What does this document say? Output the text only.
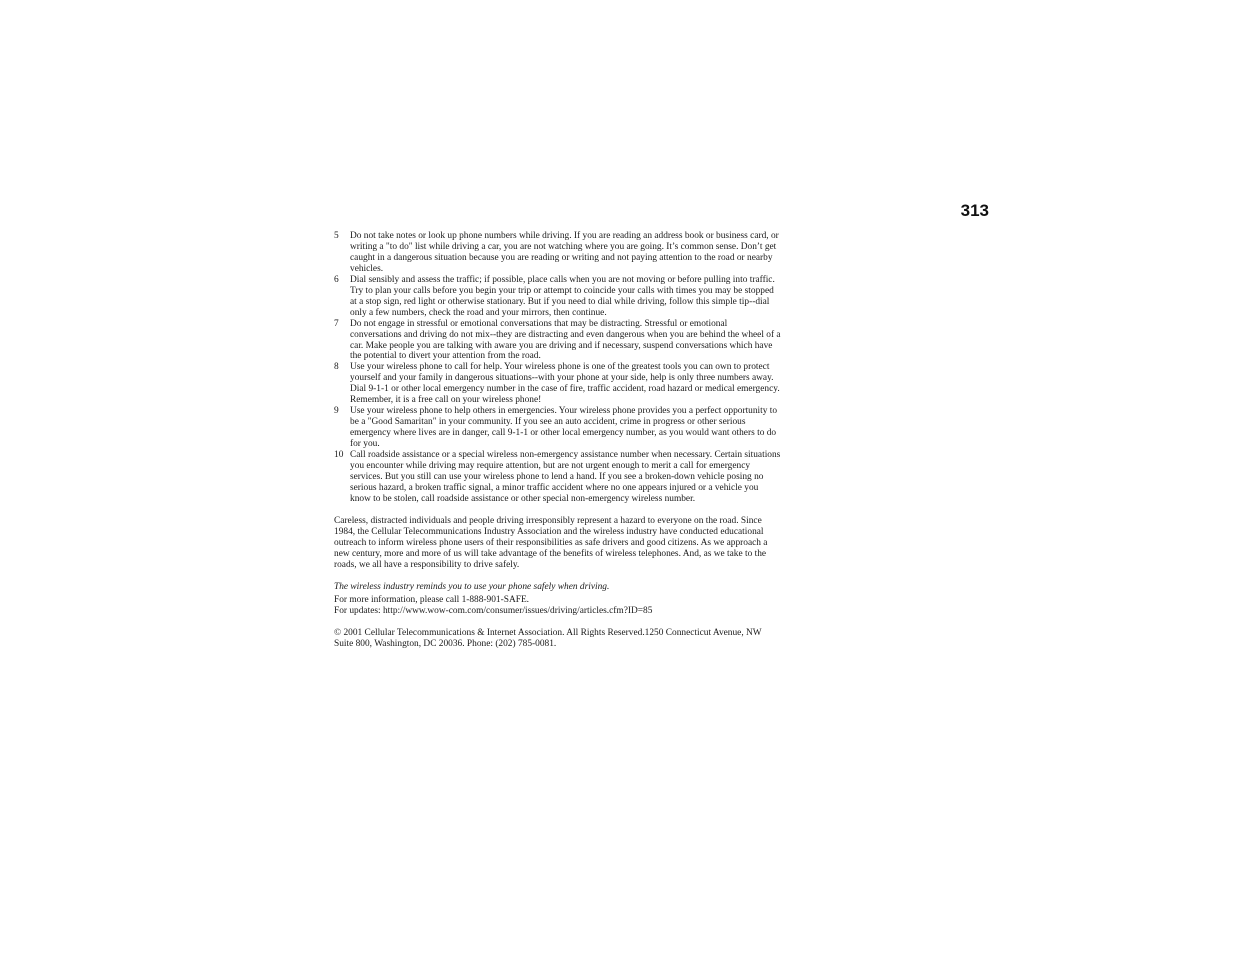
313
5	Do not take notes or look up phone numbers while driving. If you are reading an address book or business card, or writing a "to do" list while driving a car, you are not watching where you are going. It’s common sense. Don’t get caught in a dangerous situation because you are reading or writing and not paying attention to the road or nearby vehicles.
6	Dial sensibly and assess the traffic; if possible, place calls when you are not moving or before pulling into traffic. Try to plan your calls before you begin your trip or attempt to coincide your calls with times you may be stopped at a stop sign, red light or otherwise stationary. But if you need to dial while driving, follow this simple tip--dial only a few numbers, check the road and your mirrors, then continue.
7	Do not engage in stressful or emotional conversations that may be distracting. Stressful or emotional conversations and driving do not mix--they are distracting and even dangerous when you are behind the wheel of a car. Make people you are talking with aware you are driving and if necessary, suspend conversations which have the potential to divert your attention from the road.
8	Use your wireless phone to call for help. Your wireless phone is one of the greatest tools you can own to protect yourself and your family in dangerous situations--with your phone at your side, help is only three numbers away. Dial 9-1-1 or other local emergency number in the case of fire, traffic accident, road hazard or medical emergency. Remember, it is a free call on your wireless phone!
9	Use your wireless phone to help others in emergencies. Your wireless phone provides you a perfect opportunity to be a "Good Samaritan" in your community. If you see an auto accident, crime in progress or other serious emergency where lives are in danger, call 9-1-1 or other local emergency number, as you would want others to do for you.
10 Call roadside assistance or a special wireless non-emergency assistance number when necessary. Certain situations you encounter while driving may require attention, but are not urgent enough to merit a call for emergency services. But you still can use your wireless phone to lend a hand. If you see a broken-down vehicle posing no serious hazard, a broken traffic signal, a minor traffic accident where no one appears injured or a vehicle you know to be stolen, call roadside assistance or other special non-emergency wireless number.

Careless, distracted individuals and people driving irresponsibly represent a hazard to everyone on the road. Since 1984, the Cellular Telecommunications Industry Association and the wireless industry have conducted educational outreach to inform wireless phone users of their responsibilities as safe drivers and good citizens. As we approach a new century, more and more of us will take advantage of the benefits of wireless telephones. And, as we take to the roads, we all have a responsibility to drive safely.

The wireless industry reminds you to use your phone safely when driving.

For more information, please call 1-888-901-SAFE.

For updates: http://www.wow-com.com/consumer/issues/driving/articles.cfm?ID=85

© 2001 Cellular Telecommunications & Internet Association. All Rights Reserved.1250 Connecticut Avenue, NW Suite 800, Washington, DC 20036. Phone: (202) 785-0081.
